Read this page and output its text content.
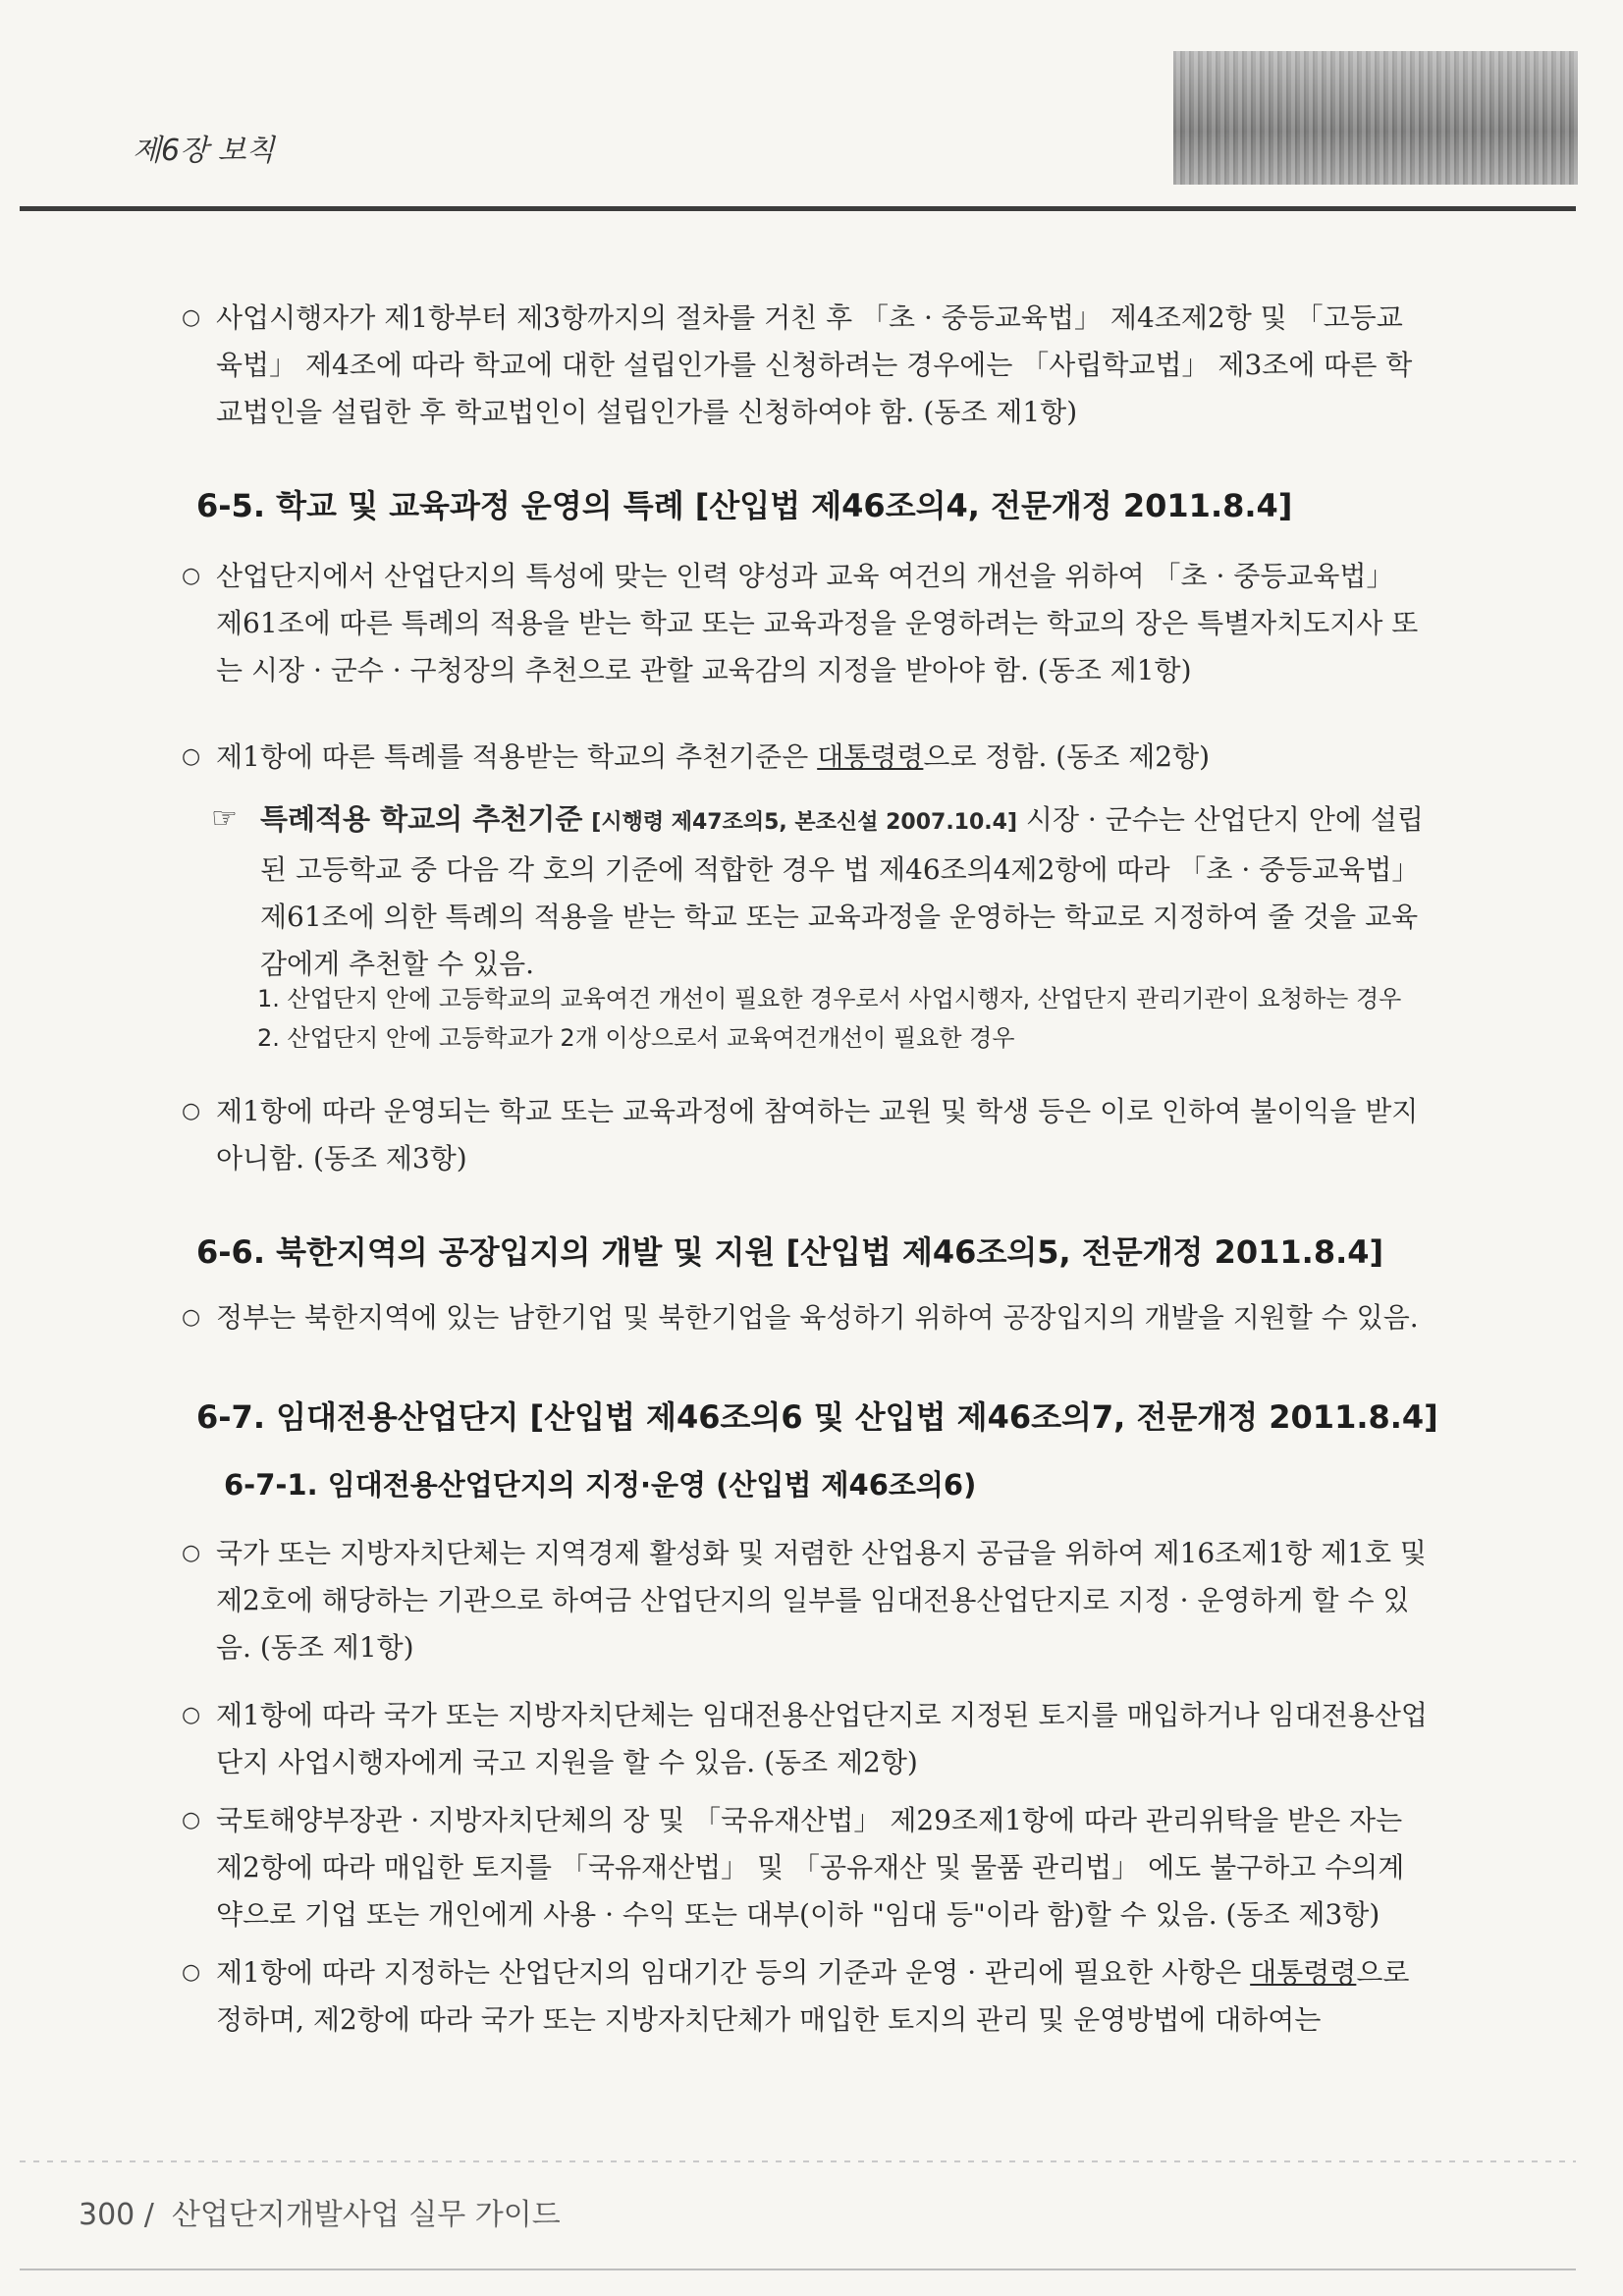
제6장 보칙
○ 사업시행자가 제1항부터 제3항까지의 절차를 거친 후 「초 · 중등교육법」 제4조제2항 및 「고등교육법」 제4조에 따라 학교에 대한 설립인가를 신청하려는 경우에는 「사립학교법」 제3조에 따른 학교법인을 설립한 후 학교법인이 설립인가를 신청하여야 함. (동조 제1항)
6-5. 학교 및 교육과정 운영의 특례 [산입법 제46조의4, 전문개정 2011.8.4]
○ 산업단지에서 산업단지의 특성에 맞는 인력 양성과 교육 여건의 개선을 위하여 「초 · 중등교육법」 제61조에 따른 특례의 적용을 받는 학교 또는 교육과정을 운영하려는 학교의 장은 특별자치도지사 또는 시장 · 군수 · 구청장의 추천으로 관할 교육감의 지정을 받아야 함. (동조 제1항)
○ 제1항에 따른 특례를 적용받는 학교의 추천기준은 대통령령으로 정함. (동조 제2항)
☞ 특례적용 학교의 추천기준 [시행령 제47조의5, 본조신설 2007.10.4] 시장 · 군수는 산업단지 안에 설립된 고등학교 중 다음 각 호의 기준에 적합한 경우 법 제46조의4제2항에 따라 「초 · 중등교육법」 제61조에 의한 특례의 적용을 받는 학교 또는 교육과정을 운영하는 학교로 지정하여 줄 것을 교육감에게 추천할 수 있음.
1. 산업단지 안에 고등학교의 교육여건 개선이 필요한 경우로서 사업시행자, 산업단지 관리기관이 요청하는 경우
2. 산업단지 안에 고등학교가 2개 이상으로서 교육여건개선이 필요한 경우
○ 제1항에 따라 운영되는 학교 또는 교육과정에 참여하는 교원 및 학생 등은 이로 인하여 불이익을 받지 아니함. (동조 제3항)
6-6. 북한지역의 공장입지의 개발 및 지원 [산입법 제46조의5, 전문개정 2011.8.4]
○ 정부는 북한지역에 있는 남한기업 및 북한기업을 육성하기 위하여 공장입지의 개발을 지원할 수 있음.
6-7. 임대전용산업단지 [산입법 제46조의6 및 산입법 제46조의7, 전문개정 2011.8.4]
6-7-1. 임대전용산업단지의 지정·운영 (산입법 제46조의6)
○ 국가 또는 지방자치단체는 지역경제 활성화 및 저렴한 산업용지 공급을 위하여 제16조제1항 제1호 및 제2호에 해당하는 기관으로 하여금 산업단지의 일부를 임대전용산업단지로 지정 · 운영하게 할 수 있음. (동조 제1항)
○ 제1항에 따라 국가 또는 지방자치단체는 임대전용산업단지로 지정된 토지를 매입하거나 임대전용산업단지 사업시행자에게 국고 지원을 할 수 있음. (동조 제2항)
○ 국토해양부장관 · 지방자치단체의 장 및 「국유재산법」 제29조제1항에 따라 관리위탁을 받은 자는 제2항에 따라 매입한 토지를 「국유재산법」 및 「공유재산 및 물품 관리법」 에도 불구하고 수의계약으로 기업 또는 개인에게 사용 · 수익 또는 대부(이하 "임대 등"이라 함)할 수 있음. (동조 제3항)
○ 제1항에 따라 지정하는 산업단지의 임대기간 등의 기준과 운영 · 관리에 필요한 사항은 대통령령으로 정하며, 제2항에 따라 국가 또는 지방자치단체가 매입한 토지의 관리 및 운영방법에 대하여는
300 / 산업단지개발사업 실무 가이드
